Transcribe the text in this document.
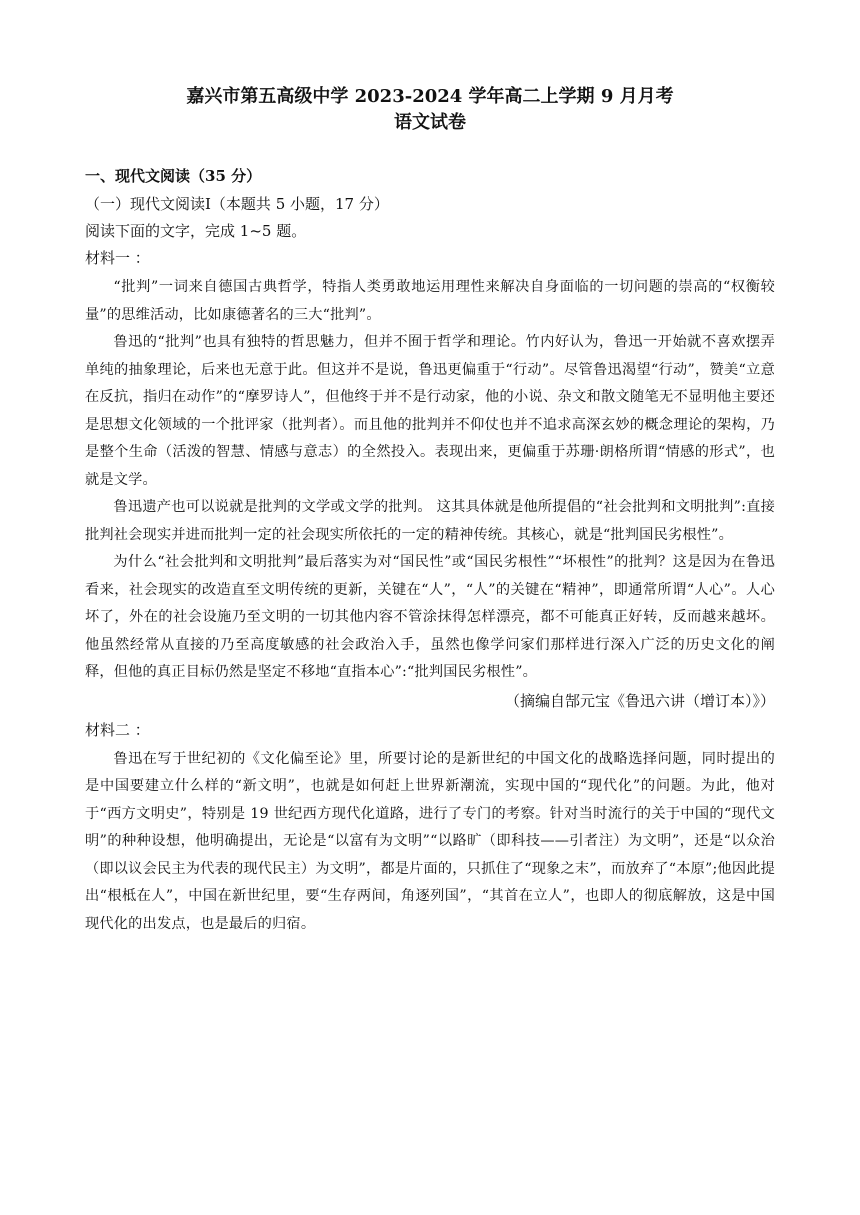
嘉兴市第五高级中学 2023-2024 学年高二上学期 9 月月考
语文试卷
一、现代文阅读（35 分）
（一）现代文阅读Ⅰ（本题共 5 小题，17 分）
阅读下面的文字，完成 1~5 题。
材料一 ：

“批判”一词来自德国古典哲学，特指人类勇敢地运用理性来解决自身面临的一切问题的崇高的“权衡较量”的思维活动，比如康德著名的三大“批判”。

鲁迅的“批判”也具有独特的哲思魅力，但并不囿于哲学和理论。竹内好认为，鲁迅一开始就不喜欢摆弄单纯的抽象理论，后来也无意于此。但这并不是说，鲁迅更偏重于“行动”。尽管鲁迅渴望“行动”，赞美“立意在反抗，指归在动作”的“摩罗诗人”，但他终于并不是行动家，他的小说、杂文和散文随笔无不显明他主要还是思想文化领域的一个批评家（批判者）。而且他的批判并不仰仗也并不追求高深玄妙的概念理论的架构，乃是整个生命（活泼的智慧、情感与意志）的全然投入。表现出来，更偏重于苏珊·朗格所谓“情感的形式”，也就是文学。

鲁迅遗产也可以说就是批判的文学或文学的批判。 这其具体就是他所提倡的“社会批判和文明批判”:直接批判社会现实并进而批判一定的社会现实所依托的一定的精神传统。其核心，就是“批判国民劣根性”。

为什么“社会批判和文明批判”最后落实为对“国民性”或“国民劣根性”“坏根性”的批判？这是因为在鲁迅看来，社会现实的改造直至文明传统的更新，关键在“人”，“人”的关键在“精神”，即通常所谓“人心”。人心坏了，外在的社会设施乃至文明的一切其他内容不管涂抹得怎样漂亮，都不可能真正好转，反而越来越坏。他虽然经常从直接的乃至高度敏感的社会政治入手，虽然也像学问家们那样进行深入广泛的历史文化的阐释，但他的真正目标仍然是坚定不移地“直指本心”:“批判国民劣根性”。

（摘编自郜元宝《鲁迅六讲（增订本）》）
材料二 ：

鲁迅在写于世纪初的《文化偏至论》里，所要讨论的是新世纪的中国文化的战略选择问题，同时提出的是中国要建立什么样的“新文明”，也就是如何赶上世界新潮流，实现中国的“现代化”的问题。为此，他对于“西方文明史”，特别是 19 世纪西方现代化道路，进行了专门的考察。针对当时流行的关于中国的“现代文明”的种种设想，他明确提出，无论是“以富有为文明”“以路旷（即科技——引者注）为文明”，还是“以众治（即以议会民主为代表的现代民主）为文明”，都是片面的，只抓住了“现象之末”，而放弃了“本原”;他因此提出“根柢在人”，中国在新世纪里，要“生存两间，角逐列国”，“其首在立人”，也即人的彻底解放，这是中国现代化的出发点，也是最后的归宿。
